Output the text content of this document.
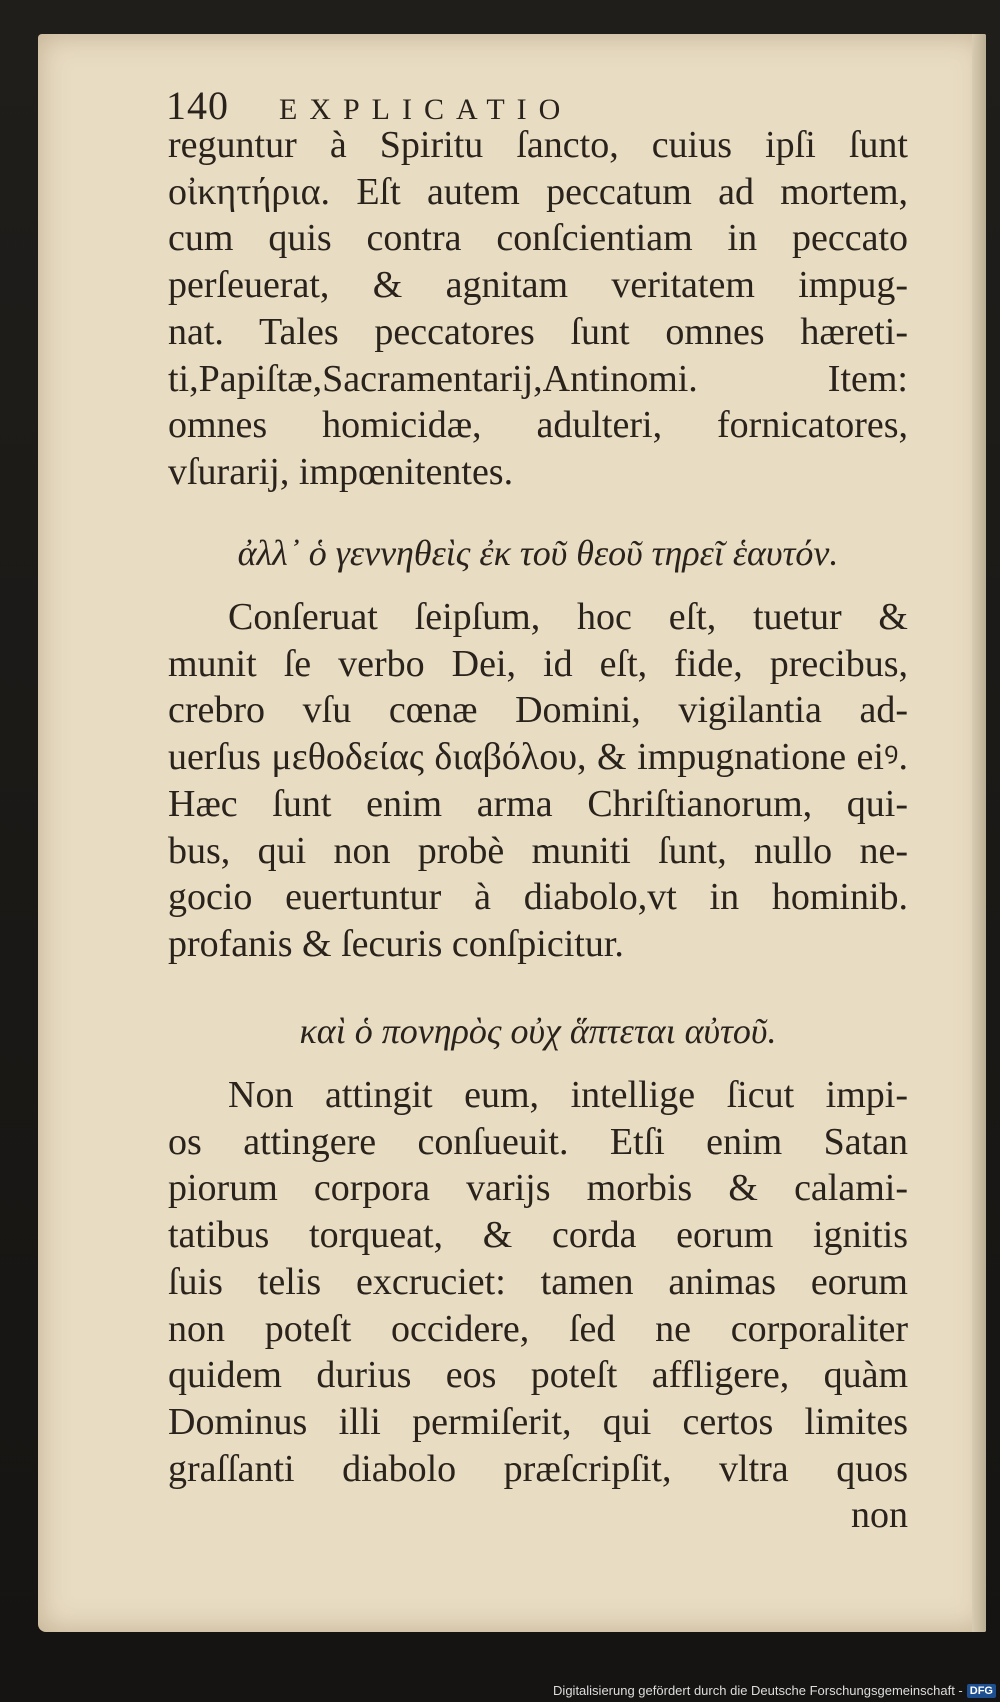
140 EXPLICATIO
reguntur à Spiritu ſancto, cuius ipſi ſunt
οἰκητήρια. Eſt autem peccatum ad mortem,
cum quis contra conſcientiam in peccato
perſeuerat, & agnitam veritatem impug-
nat. Tales peccatores ſunt omnes hæreti-
ti,Papiſtæ,Sacramentarij,Antinomi. Item:
omnes homicidæ, adulteri, fornicatores,
vſurarij, impœnitentes.
ἀλλ᾽ ὁ γεννηθεὶς ἐκ τοῦ θεοῦ τηρεῖ ἑαυτόν.
Conſeruat ſeipſum, hoc eſt, tuetur &
munit ſe verbo Dei, id eſt, fide, precibus,
crebro vſu cœnæ Domini, vigilantia ad-
uerſus μεθοδείας διαβόλου, & impugnatione eiꝰ.
Hæc ſunt enim arma Chriſtianorum, qui-
bus, qui non probè muniti ſunt, nullo ne-
gocio euertuntur à diabolo,vt in hominib.
profanis & ſecuris conſpicitur.
καὶ ὁ πονηρὸς οὐχ ἅπτεται αὐτοῦ.
Non attingit eum, intellige ſicut impi-
os attingere conſueuit. Etſi enim Satan
piorum corpora varijs morbis & calami-
tatibus torqueat, & corda eorum ignitis
ſuis telis excruciet: tamen animas eorum
non poteſt occidere, ſed ne corporaliter
quidem durius eos poteſt affligere, quàm
Dominus illi permiſerit, qui certos limites
graſſanti diabolo præſcripſit, vltra quos
non
Digitalisierung gefördert durch die Deutsche Forschungsgemeinschaft - DFG
